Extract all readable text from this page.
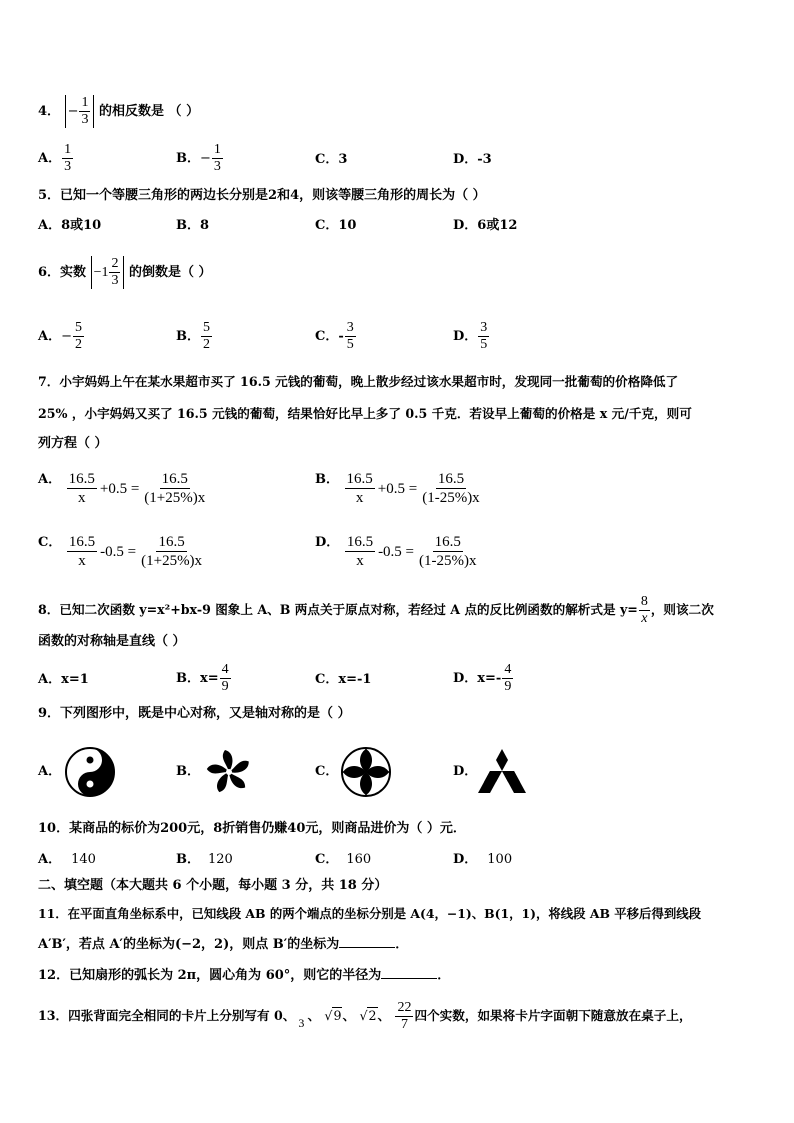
4． − $\frac{1}{3}$ 的相反数是 （ ）
A． $\frac{1}{3}$	B．− $\frac{1}{3}$	C．3	D．-3
5．已知一个等腰三角形的两边长分别是2和4，则该等腰三角形的周长为（ ）
A．8或10	B．8	C．10	D．6或12
6．实数 $-1 \frac{2}{3}$ 的倒数是（ ）
A．− $\frac{5}{2}$	B． $\frac{5}{2}$	C．- $\frac{3}{5}$	D． $\frac{3}{5}$
7．小宇妈妈上午在某水果超市买了 16.5 元钱的葡萄，晚上散步经过该水果超市时，发现同一批葡萄的价格降低了
25% ，小宇妈妈又买了 16.5 元钱的葡萄，结果恰好比早上多了 0.5 千克．若设早上葡萄的价格是 x 元/千克，则可
列方程（ ）
A． $\frac{16.5}{x} +0.5 = \frac{16.5}{(1+25\%)x}$	B． $\frac{16.5}{x} +0.5 = \frac{16.5}{(1-25\%)x}$
C． $\frac{16.5}{x} -0.5 = \frac{16.5}{(1+25\%)x}$	D． $\frac{16.5}{x} -0.5 = \frac{16.5}{(1-25\%)x}$
8．已知二次函数 y=x²+bx-9 图象上 A、B 两点关于原点对称，若经过 A 点的反比例函数的解析式是 $y= \frac{8}{x}$ ，则该二次
函数的对称轴是直线（ ）
A．x=1	B．$x= \frac{4}{9}$	C．x=-1	D．$x=- \frac{4}{9}$
9．下列图形中，既是中心对称，又是轴对称的是（ ）
A．	B．	C．	D．
10．某商品的标价为200元，8折销售仍赚40元，则商品进价为（ ）元．
A． 140	B． 120	C． 160	D． 100
二、填空题（本大题共 6 个小题，每小题 3 分，共 18 分）
11．在平面直角坐标系中，已知线段 AB 的两个端点的坐标分别是 A(4，−1)、B(1，1)，将线段 AB 平移后得到线段
A′B′，若点 A′的坐标为(−2，2)，则点 B′的坐标为	．
12．已知扇形的弧长为 2π，圆心角为 60°，则它的半径为	．
13．四张背面完全相同的卡片上分别写有 0、 π
3 、 √9、 √2、 $\frac{22}{7}$ 四个实数，如果将卡片字面朝下随意放在桌子上，
